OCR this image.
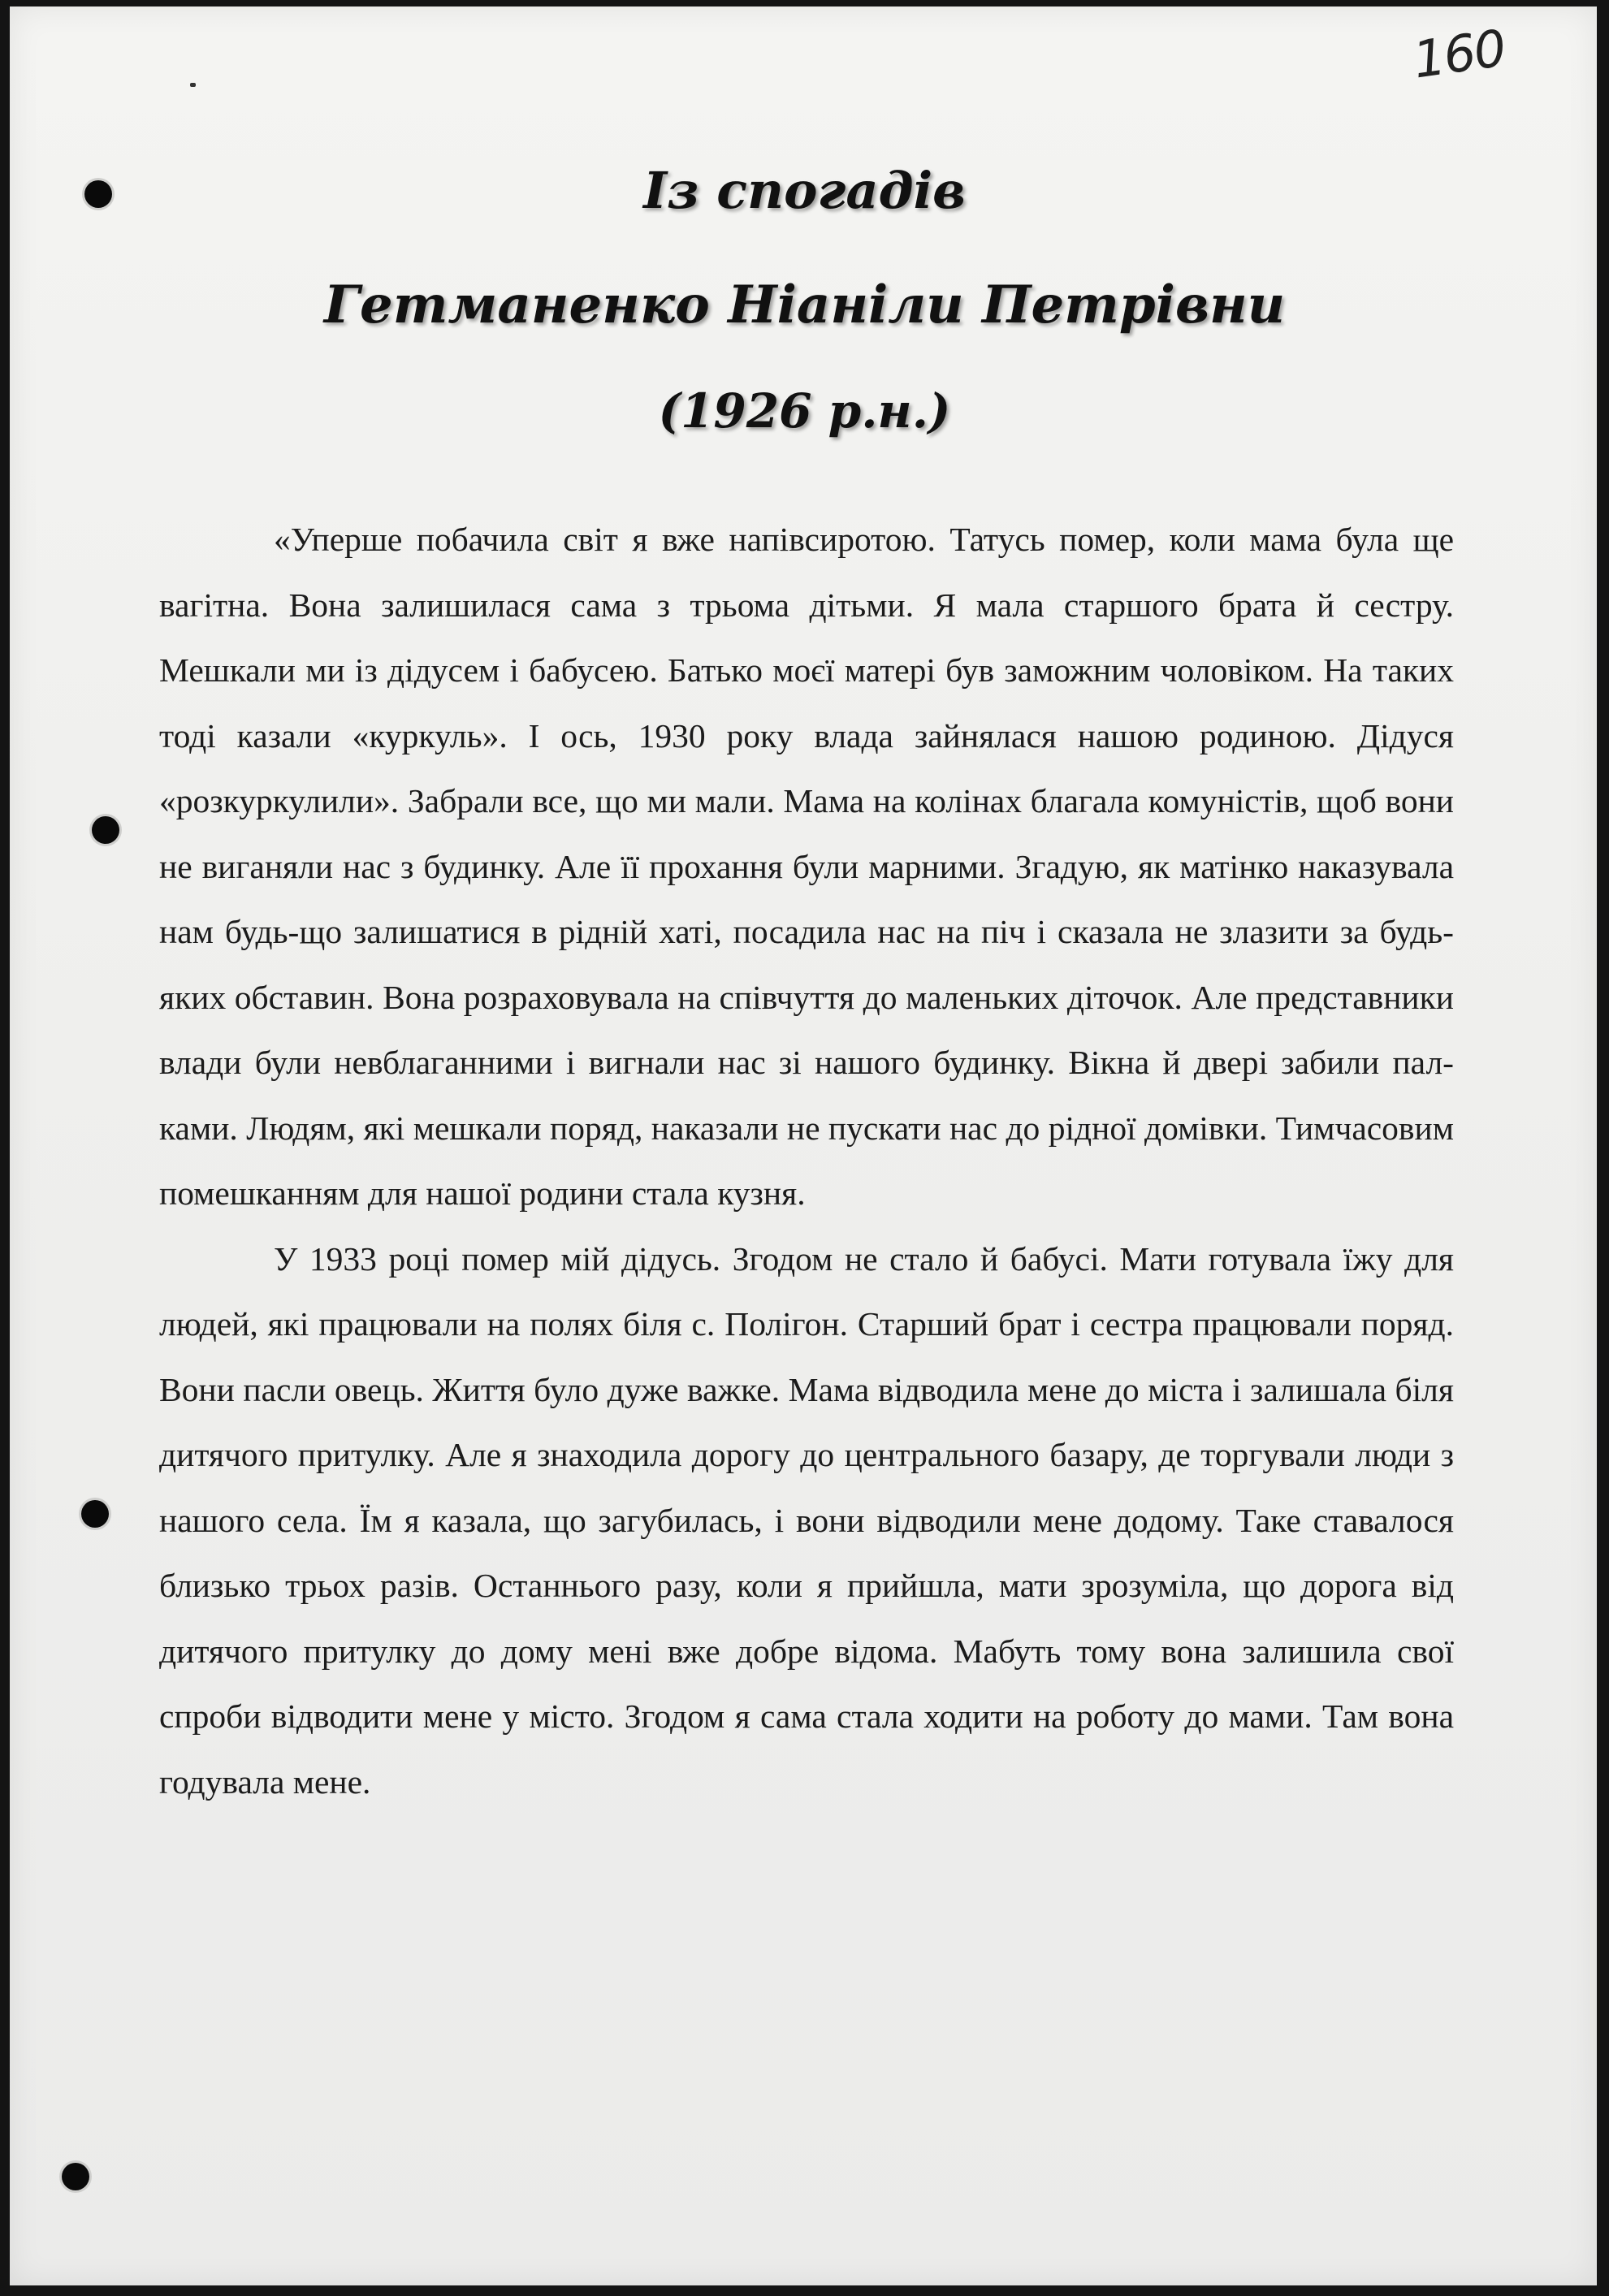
160
Із спогадів
Гетманенко Ніаніли Петрівни
(1926 р.н.)

«Уперше побачила світ я вже напівсиротою. Татусь помер, коли мама була ще вагітна. Вона залишилася сама з трьома дітьми. Я мала старшого брата й сестру. Мешкали ми із дідусем і бабусею. Батько моєї матері був заможним чоловіком. На таких тоді казали «куркуль». І ось, 1930 року влада зайнялася нашою родиною. Дідуся «розкуркулили». Забрали все, що ми мали. Мама на колінах благала комуністів, щоб вони не виганяли нас з будинку. Але її прохання були марними. Згадую, як матінко наказувала нам будь-що залишатися в рідній хаті, посадила нас на піч і сказала не злазити за будь-яких обставин. Вона розраховувала на співчуття до маленьких діточок. Але представники влади були невблаганними і вигнали нас зі нашого будинку. Вікна й двері забили палками. Людям, які мешкали поряд, наказали не пускати нас до рідної домівки. Тимчасовим помешканням для нашої родини стала кузня.

У 1933 році помер мій дідусь. Згодом не стало й бабусі. Мати готувала їжу для людей, які працювали на полях біля с. Полігон. Старший брат і сестра працювали поряд. Вони пасли овець. Життя було дуже важке. Мама відводила мене до міста і залишала біля дитячого притулку. Але я знаходила дорогу до центрального базару, де торгували люди з нашого села. Їм я казала, що загубилась, і вони відводили мене додому. Таке ставалося близько трьох разів. Останнього разу, коли я прийшла, мати зрозуміла, що дорога від дитячого притулку до дому мені вже добре відома. Мабуть тому вона залишила свої спроби відводити мене у місто. Згодом я сама стала ходити на роботу до мами. Там вона годувала мене.
